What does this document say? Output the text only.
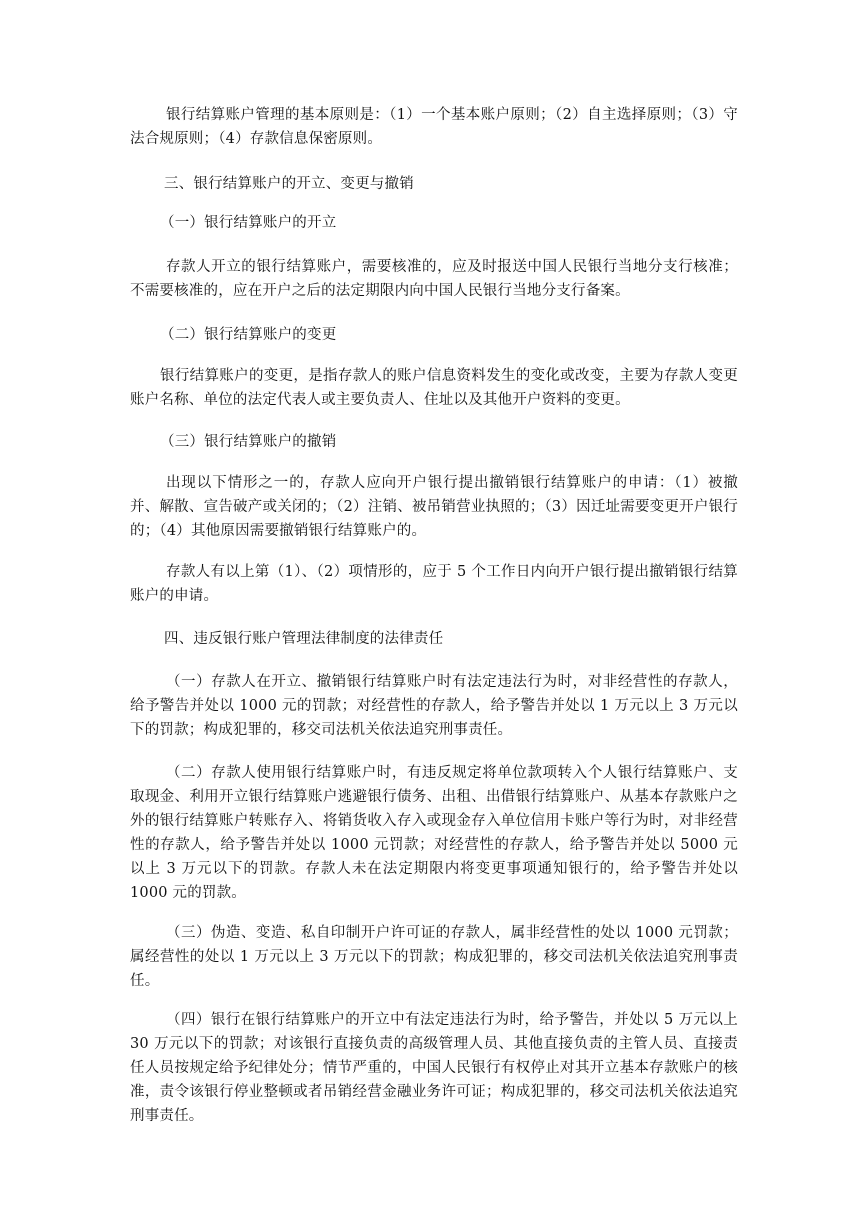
银行结算账户管理的基本原则是：（1）一个基本账户原则；（2）自主选择原则；（3）守法合规原则；（4）存款信息保密原则。

三、银行结算账户的开立、变更与撤销

（一）银行结算账户的开立

存款人开立的银行结算账户，需要核准的，应及时报送中国人民银行当地分支行核准；不需要核准的，应在开户之后的法定期限内向中国人民银行当地分支行备案。

（二）银行结算账户的变更

银行结算账户的变更，是指存款人的账户信息资料发生的变化或改变，主要为存款人变更账户名称、单位的法定代表人或主要负责人、住址以及其他开户资料的变更。

（三）银行结算账户的撤销

出现以下情形之一的，存款人应向开户银行提出撤销银行结算账户的申请：（1）被撤并、解散、宣告破产或关闭的；（2）注销、被吊销营业执照的；（3）因迁址需要变更开户银行的；（4）其他原因需要撤销银行结算账户的。

存款人有以上第（1）、（2）项情形的，应于 5 个工作日内向开户银行提出撤销银行结算账户的申请。

四、违反银行账户管理法律制度的法律责任

（一）存款人在开立、撤销银行结算账户时有法定违法行为时，对非经营性的存款人，给予警告并处以 1000 元的罚款；对经营性的存款人，给予警告并处以 1 万元以上 3 万元以下的罚款；构成犯罪的，移交司法机关依法追究刑事责任。

（二）存款人使用银行结算账户时，有违反规定将单位款项转入个人银行结算账户、支取现金、利用开立银行结算账户逃避银行债务、出租、出借银行结算账户、从基本存款账户之外的银行结算账户转账存入、将销货收入存入或现金存入单位信用卡账户等行为时，对非经营性的存款人，给予警告并处以 1000 元罚款；对经营性的存款人，给予警告并处以 5000 元以上 3 万元以下的罚款。存款人未在法定期限内将变更事项通知银行的，给予警告并处以 1000 元的罚款。

（三）伪造、变造、私自印制开户许可证的存款人，属非经营性的处以 1000 元罚款；属经营性的处以 1 万元以上 3 万元以下的罚款；构成犯罪的，移交司法机关依法追究刑事责任。

（四）银行在银行结算账户的开立中有法定违法行为时，给予警告，并处以 5 万元以上 30 万元以下的罚款；对该银行直接负责的高级管理人员、其他直接负责的主管人员、直接责任人员按规定给予纪律处分；情节严重的，中国人民银行有权停止对其开立基本存款账户的核准，责令该银行停业整顿或者吊销经营金融业务许可证；构成犯罪的，移交司法机关依法追究刑事责任。
